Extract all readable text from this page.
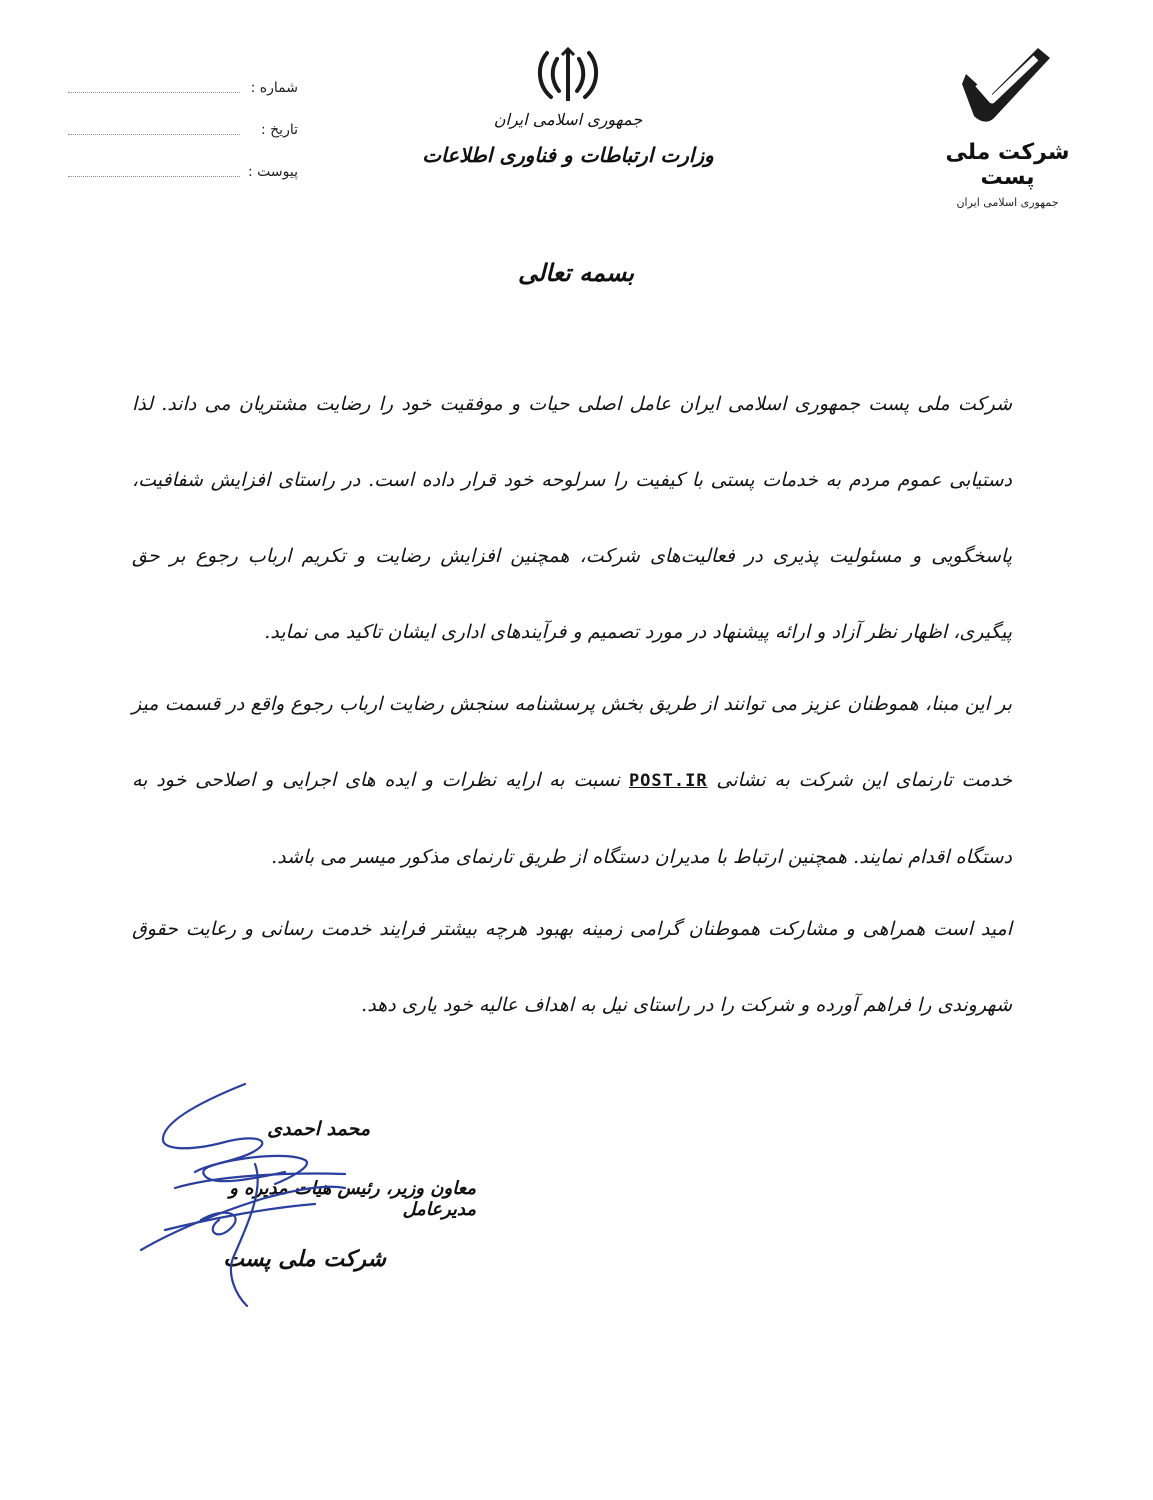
شماره :
تاریخ :
پیوست :
جمهوری اسلامی ایران
وزارت ارتباطات و فناوری اطلاعات	شرکت ملی پست
جمهوری اسلامی ایران
بسمه تعالی

شرکت ملی پست جمهوری اسلامی ایران عامل اصلی حیات و موفقیت خود را رضایت مشتریان می داند. لذا دستیابی عموم مردم به خدمات پستی با کیفیت را سرلوحه خود قرار داده است. در راستای افزایش شفافیت، پاسخگویی و مسئولیت پذیری در فعالیت‌های شرکت، همچنین افزایش رضایت و تکریم ارباب رجوع بر حق پیگیری، اظهار نظر آزاد و ارائه پیشنهاد در مورد تصمیم و فرآیندهای اداری ایشان تاکید می نماید.

بر این مبنا، هموطنان عزیز می توانند از طریق بخش پرسشنامه سنجش رضایت ارباب رجوع واقع در قسمت میز خدمت تارنمای این شرکت به نشانی POST.IR نسبت به ارایه نظرات و ایده های اجرایی و اصلاحی خود به دستگاه اقدام نمایند. همچنین ارتباط با مدیران دستگاه از طریق تارنمای مذکور میسر می باشد.

امید است همراهی و مشارکت هموطنان گرامی زمینه بهبود هرچه بیشتر فرایند خدمت رسانی و رعایت حقوق شهروندی را فراهم آورده و شرکت را در راستای نیل به اهداف عالیه خود یاری دهد.

محمد احمدی
معاون وزیر، رئیس هیات مدیره و مدیرعامل
شرکت ملی پست
